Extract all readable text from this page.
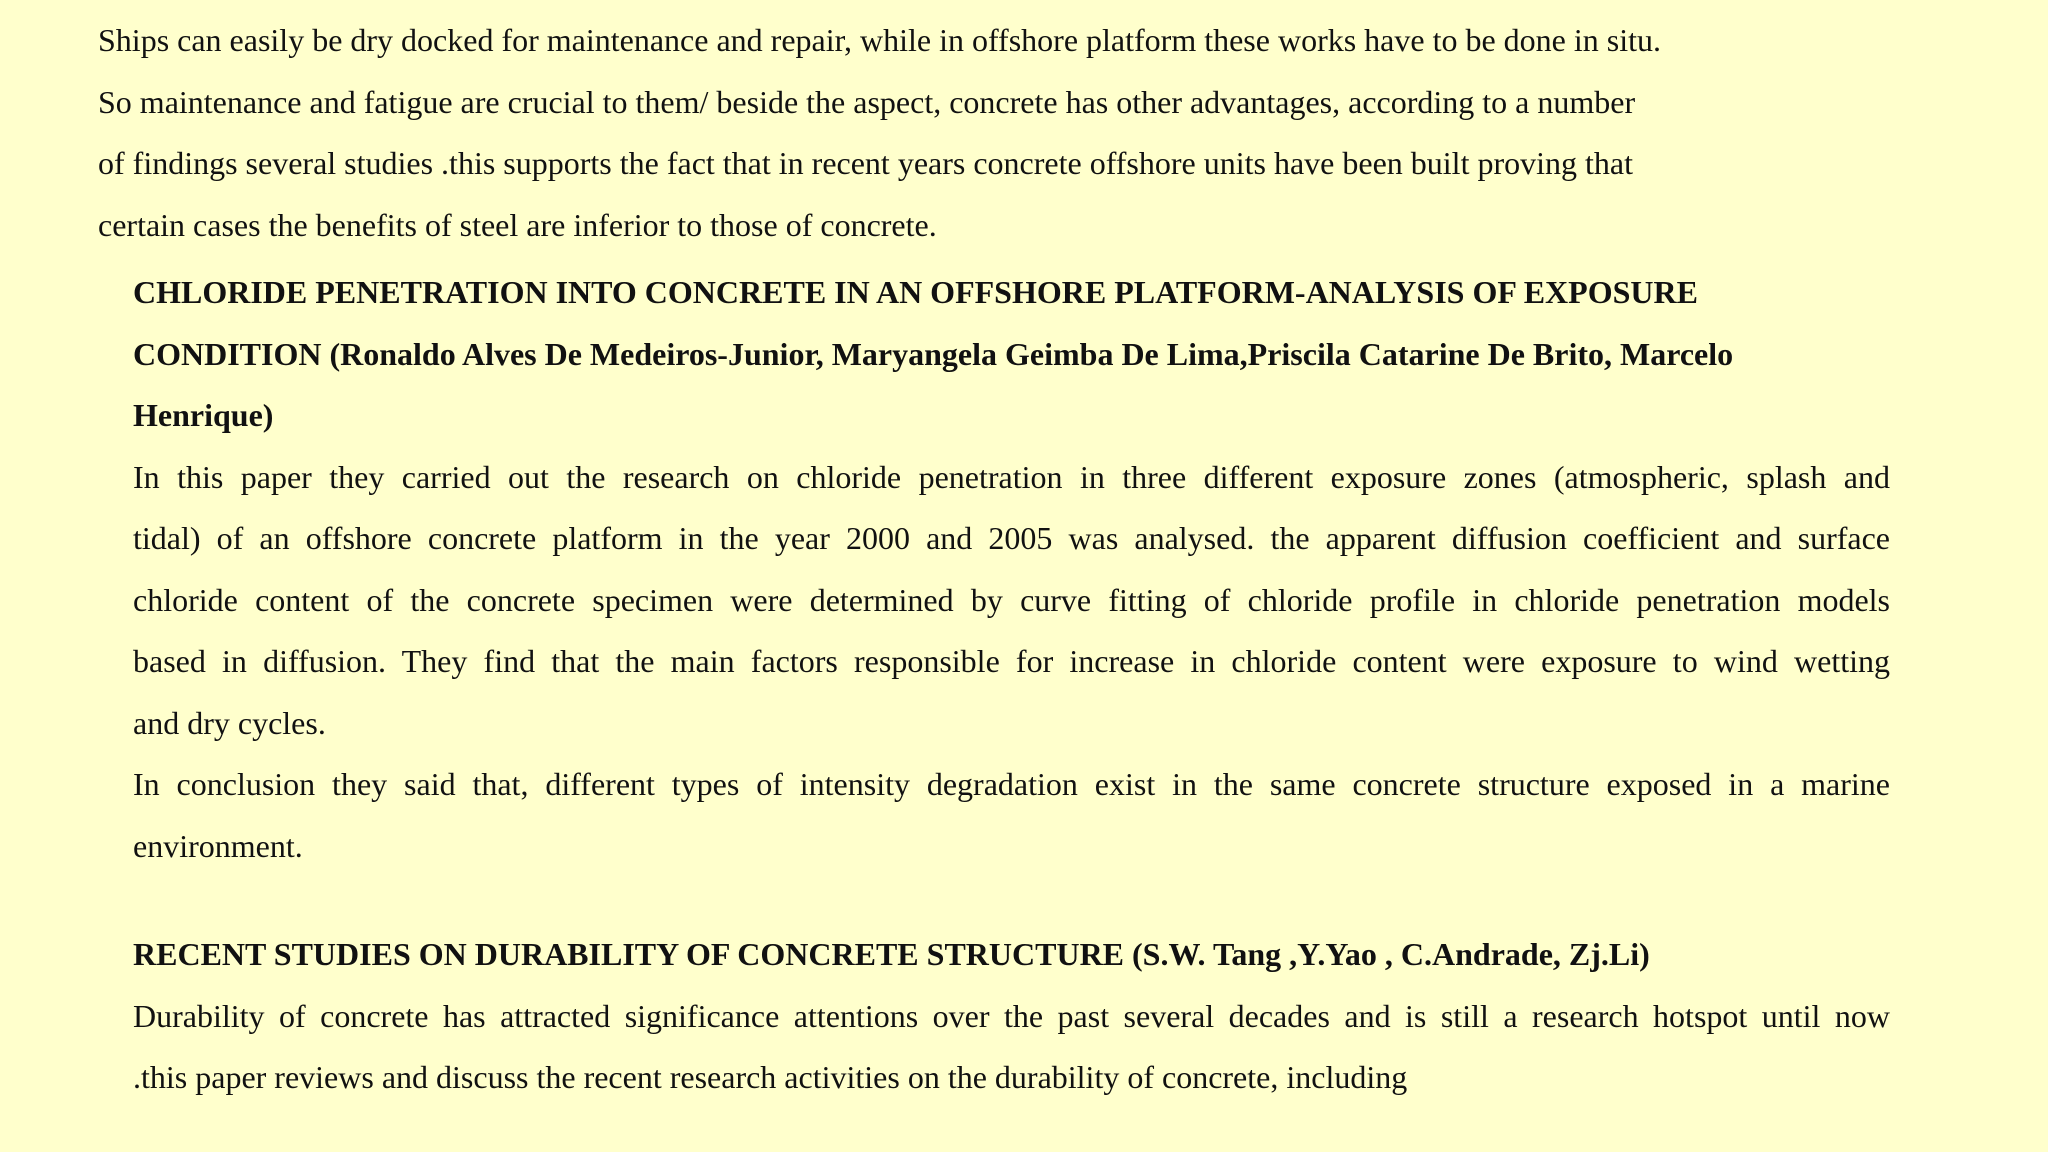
Ships can easily be dry docked for maintenance and repair, while in offshore platform these works have to be done in situ.
So maintenance and fatigue are crucial to them/ beside the aspect, concrete has other advantages, according to a number
of findings several studies .this supports the fact that in recent years concrete offshore units have been built proving that
certain cases the benefits of steel are inferior to those of concrete.
CHLORIDE PENETRATION INTO CONCRETE IN AN OFFSHORE PLATFORM-ANALYSIS OF EXPOSURE
CONDITION (Ronaldo Alves De Medeiros-Junior, Maryangela Geimba De Lima,Priscila Catarine De Brito, Marcelo
Henrique)
In this paper they carried out the research on chloride penetration in three different exposure zones (atmospheric, splash and
tidal) of an offshore concrete platform in the year 2000 and 2005 was analysed. the apparent diffusion coefficient and surface
chloride content of the concrete specimen were determined by curve fitting of chloride profile in chloride penetration models
based in diffusion. They find that the main factors responsible for increase in chloride content were exposure to wind wetting
and dry cycles.
In conclusion they said that, different types of intensity degradation exist in the same concrete structure exposed in a marine
environment.
RECENT STUDIES ON DURABILITY OF CONCRETE STRUCTURE (S.W. Tang ,Y.Yao , C.Andrade, Zj.Li)
Durability of concrete has attracted significance attentions over the past several decades and is still a research hotspot until now
.this paper reviews and discuss the recent research activities on the durability of concrete, including
